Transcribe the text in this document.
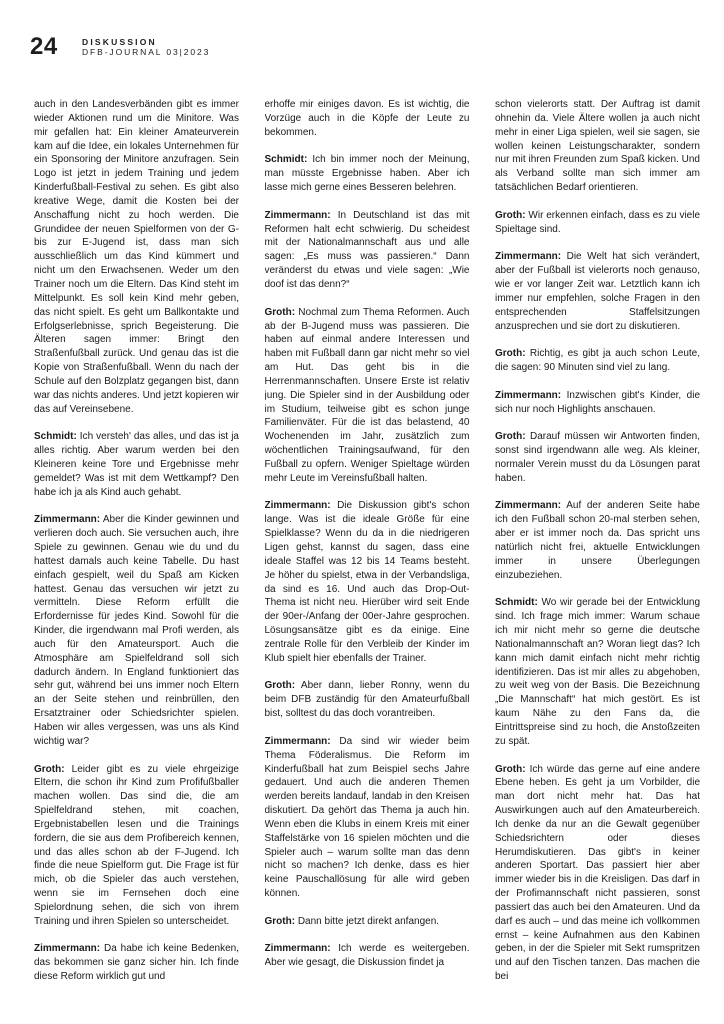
24	DISKUSSION
DFB-JOURNAL 03|2023

auch in den Landesverbänden gibt es immer wieder Aktionen rund um die Minitore. Was mir gefallen hat: Ein kleiner Amateurverein kam auf die Idee, ein lokales Unternehmen für ein Sponsoring der Minitore anzufragen. Sein Logo ist jetzt in jedem Training und jedem Kinderfußball-Festival zu sehen. Es gibt also kreative Wege, damit die Kosten bei der Anschaffung nicht zu hoch werden. Die Grundidee der neuen Spielformen von der G- bis zur E-Jugend ist, dass man sich ausschließlich um das Kind kümmert und nicht um den Erwachsenen. Weder um den Trainer noch um die Eltern. Das Kind steht im Mittelpunkt. Es soll kein Kind mehr geben, das nicht spielt. Es geht um Ballkontakte und Erfolgserlebnisse, sprich Begeisterung. Die Älteren sagen immer: Bringt den Straßenfußball zurück. Und genau das ist die Kopie von Straßenfußball. Wenn du nach der Schule auf den Bolzplatz gegangen bist, dann war das nichts anderes. Und jetzt kopieren wir das auf Vereinsebene.

Schmidt: Ich versteh' das alles, und das ist ja alles richtig. Aber warum werden bei den Kleineren keine Tore und Ergebnisse mehr gemeldet? Was ist mit dem Wettkampf? Den habe ich ja als Kind auch gehabt.

Zimmermann: Aber die Kinder gewinnen und verlieren doch auch. Sie versuchen auch, ihre Spiele zu gewinnen. Genau wie du und du hattest damals auch keine Tabelle. Du hast einfach gespielt, weil du Spaß am Kicken hattest. Genau das versuchen wir jetzt zu vermitteln. Diese Reform erfüllt die Erfordernisse für jedes Kind. Sowohl für die Kinder, die irgendwann mal Profi werden, als auch für den Amateursport. Auch die Atmosphäre am Spielfeldrand soll sich dadurch ändern. In England funktioniert das sehr gut, während bei uns immer noch Eltern an der Seite stehen und reinbrüllen, den Ersatztrainer oder Schiedsrichter spielen. Haben wir alles vergessen, was uns als Kind wichtig war?

Groth: Leider gibt es zu viele ehrgeizige Eltern, die schon ihr Kind zum Profifußballer machen wollen. Das sind die, die am Spielfeldrand stehen, mit coachen, Ergebnistabellen lesen und die Trainings fordern, die sie aus dem Profibereich kennen, und das alles schon ab der F-Jugend. Ich finde die neue Spielform gut. Die Frage ist für mich, ob die Spieler das auch verstehen, wenn sie im Fernsehen doch eine Spielordnung sehen, die sich von ihrem Training und ihren Spielen so unterscheidet.

Zimmermann: Da habe ich keine Bedenken, das bekommen sie ganz sicher hin. Ich finde diese Reform wirklich gut und

erhoffe mir einiges davon. Es ist wichtig, die Vorzüge auch in die Köpfe der Leute zu bekommen.

Schmidt: Ich bin immer noch der Meinung, man müsste Ergebnisse haben. Aber ich lasse mich gerne eines Besseren belehren.

Zimmermann: In Deutschland ist das mit Reformen halt echt schwierig. Du scheidest mit der Nationalmannschaft aus und alle sagen: „Es muss was passieren.“ Dann veränderst du etwas und viele sagen: „Wie doof ist das denn?“

Groth: Nochmal zum Thema Reformen. Auch ab der B-Jugend muss was passieren. Die haben auf einmal andere Interessen und haben mit Fußball dann gar nicht mehr so viel am Hut. Das geht bis in die Herrenmannschaften. Unsere Erste ist relativ jung. Die Spieler sind in der Ausbildung oder im Studium, teilweise gibt es schon junge Familienväter. Für die ist das belastend, 40 Wochenenden im Jahr, zusätzlich zum wöchentlichen Trainingsaufwand, für den Fußball zu opfern. Weniger Spieltage würden mehr Leute im Vereinsfußball halten.

Zimmermann: Die Diskussion gibt's schon lange. Was ist die ideale Größe für eine Spielklasse? Wenn du da in die niedrigeren Ligen gehst, kannst du sagen, dass eine ideale Staffel was 12 bis 14 Teams besteht. Je höher du spielst, etwa in der Verbandsliga, da sind es 16. Und auch das Drop-Out-Thema ist nicht neu. Hierüber wird seit Ende der 90er-/Anfang der 00er-Jahre gesprochen. Lösungsansätze gibt es da einige. Eine zentrale Rolle für den Verbleib der Kinder im Klub spielt hier ebenfalls der Trainer.

Groth: Aber dann, lieber Ronny, wenn du beim DFB zuständig für den Amateurfußball bist, solltest du das doch vorantreiben.

Zimmermann: Da sind wir wieder beim Thema Föderalismus. Die Reform im Kinderfußball hat zum Beispiel sechs Jahre gedauert. Und auch die anderen Themen werden bereits landauf, landab in den Kreisen diskutiert. Da gehört das Thema ja auch hin. Wenn eben die Klubs in einem Kreis mit einer Staffelstärke von 16 spielen möchten und die Spieler auch – warum sollte man das denn nicht so machen? Ich denke, dass es hier keine Pauschallösung für alle wird geben können.

Groth: Dann bitte jetzt direkt anfangen.

Zimmermann: Ich werde es weitergeben. Aber wie gesagt, die Diskussion findet ja

schon vielerorts statt. Der Auftrag ist damit ohnehin da. Viele Ältere wollen ja auch nicht mehr in einer Liga spielen, weil sie sagen, sie wollen keinen Leistungscharakter, sondern nur mit ihren Freunden zum Spaß kicken. Und als Verband sollte man sich immer am tatsächlichen Bedarf orientieren.

Groth: Wir erkennen einfach, dass es zu viele Spieltage sind.

Zimmermann: Die Welt hat sich verändert, aber der Fußball ist vielerorts noch genauso, wie er vor langer Zeit war. Letztlich kann ich immer nur empfehlen, solche Fragen in den entsprechenden Staffelsitzungen anzusprechen und sie dort zu diskutieren.

Groth: Richtig, es gibt ja auch schon Leute, die sagen: 90 Minuten sind viel zu lang.

Zimmermann: Inzwischen gibt's Kinder, die sich nur noch Highlights anschauen.

Groth: Darauf müssen wir Antworten finden, sonst sind irgendwann alle weg. Als kleiner, normaler Verein musst du da Lösungen parat haben.

Zimmermann: Auf der anderen Seite habe ich den Fußball schon 20-mal sterben sehen, aber er ist immer noch da. Das spricht uns natürlich nicht frei, aktuelle Entwicklungen immer in unsere Überlegungen einzubeziehen.

Schmidt: Wo wir gerade bei der Entwicklung sind. Ich frage mich immer: Warum schaue ich mir nicht mehr so gerne die deutsche Nationalmannschaft an? Woran liegt das? Ich kann mich damit einfach nicht mehr richtig identifizieren. Das ist mir alles zu abgehoben, zu weit weg von der Basis. Die Bezeichnung „Die Mannschaft“ hat mich gestört. Es ist kaum Nähe zu den Fans da, die Eintrittspreise sind zu hoch, die Anstoßzeiten zu spät.

Groth: Ich würde das gerne auf eine andere Ebene heben. Es geht ja um Vorbilder, die man dort nicht mehr hat. Das hat Auswirkungen auch auf den Amateurbereich. Ich denke da nur an die Gewalt gegenüber Schiedsrichtern oder dieses Herumdiskutieren. Das gibt's in keiner anderen Sportart. Das passiert hier aber immer wieder bis in die Kreisligen. Das darf in der Profimannschaft nicht passieren, sonst passiert das auch bei den Amateuren. Und da darf es auch – und das meine ich vollkommen ernst – keine Aufnahmen aus den Kabinen geben, in der die Spieler mit Sekt rumspritzen und auf den Tischen tanzen. Das machen die bei
